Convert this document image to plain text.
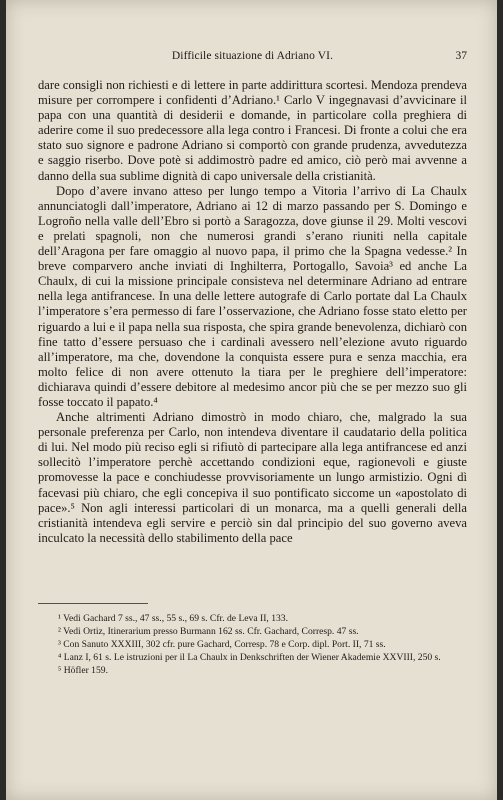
Difficile situazione di Adriano VI.	37

dare consigli non richiesti e di lettere in parte addirittura scortesi. Mendoza prendeva misure per corrompere i confidenti d’Adriano.¹ Carlo V ingegnavasi d’avvicinare il papa con una quantità di desiderii e domande, in particolare colla preghiera di aderire come il suo predecessore alla lega contro i Francesi. Di fronte a colui che era stato suo signore e padrone Adriano si comportò con grande prudenza, avvedutezza e saggio riserbo. Dove potè si addimostrò padre ed amico, ciò però mai avvenne a danno della sua sublime dignità di capo universale della cristianità.

Dopo d’avere invano atteso per lungo tempo a Vitoria l’arrivo di La Chaulx annunciatogli dall’imperatore, Adriano ai 12 di marzo passando per S. Domingo e Logroño nella valle dell’Ebro si portò a Saragozza, dove giunse il 29. Molti vescovi e prelati spagnoli, non che numerosi grandi s’erano riuniti nella capitale dell’Aragona per fare omaggio al nuovo papa, il primo che la Spagna vedesse.² In breve comparvero anche inviati di Inghilterra, Portogallo, Savoia³ ed anche La Chaulx, di cui la missione principale consisteva nel determinare Adriano ad entrare nella lega antifrancese. In una delle lettere autografe di Carlo portate dal La Chaulx l’imperatore s’era permesso di fare l’osservazione, che Adriano fosse stato eletto per riguardo a lui e il papa nella sua risposta, che spira grande benevolenza, dichiarò con fine tatto d’essere persuaso che i cardinali avessero nell’elezione avuto riguardo all’imperatore, ma che, dovendone la conquista essere pura e senza macchia, era molto felice di non avere ottenuto la tiara per le preghiere dell’imperatore: dichiarava quindi d’essere debitore al medesimo ancor più che se per mezzo suo gli fosse toccato il papato.⁴

Anche altrimenti Adriano dimostrò in modo chiaro, che, malgrado la sua personale preferenza per Carlo, non intendeva diventare il caudatario della politica di lui. Nel modo più reciso egli si rifiutò di partecipare alla lega antifrancese ed anzi sollecitò l’imperatore perchè accettando condizioni eque, ragionevoli e giuste promovesse la pace e conchiudesse provvisoriamente un lungo armistizio. Ogni dì facevasi più chiaro, che egli concepiva il suo pontificato siccome un «apostolato di pace».⁵ Non agli interessi particolari di un monarca, ma a quelli generali della cristianità intendeva egli servire e perciò sin dal principio del suo governo aveva inculcato la necessità dello stabilimento della pace

¹ Vedi Gachard 7 ss., 47 ss., 55 s., 69 s. Cfr. de Leva II, 133.

² Vedi Ortiz, Itinerarium presso Burmann 162 ss. Cfr. Gachard, Corresp. 47 ss.

³ Con Sanuto XXXIII, 302 cfr. pure Gachard, Corresp. 78 e Corp. dipl. Port. II, 71 ss.

⁴ Lanz I, 61 s. Le istruzioni per il La Chaulx in Denkschriften der Wiener Akademie XXVIII, 250 s.

⁵ Höfler 159.
